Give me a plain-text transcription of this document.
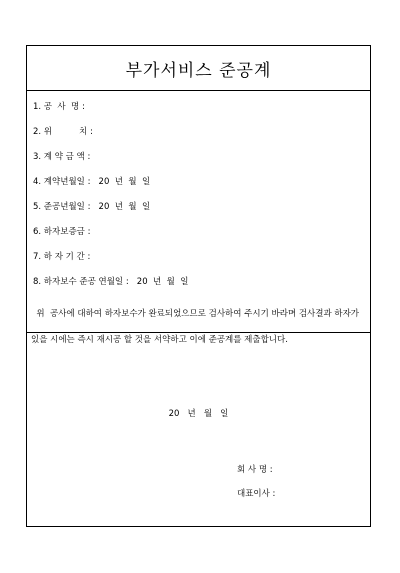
부가서비스 준공계
1. 공  사  명 :
2. 위          치 :
3. 계 약 금 액 :
4. 계약년월일 :   20  년  월  일
5. 준공년월일 :   20  년  월  일
6. 하자보증금 :
7. 하 자 기 간 :
8. 하자보수 준공 연월일 :   20  년  월  일
위  공사에 대하여 하자보수가 완료되었으므로 검사하여 주시기 바라며 검사결과 하자가
있을 시에는 즉시 재시공 할 것을 서약하고 이에 준공계를 제출합니다.
20   년   월   일
회 사 명 :
대표이사 :
